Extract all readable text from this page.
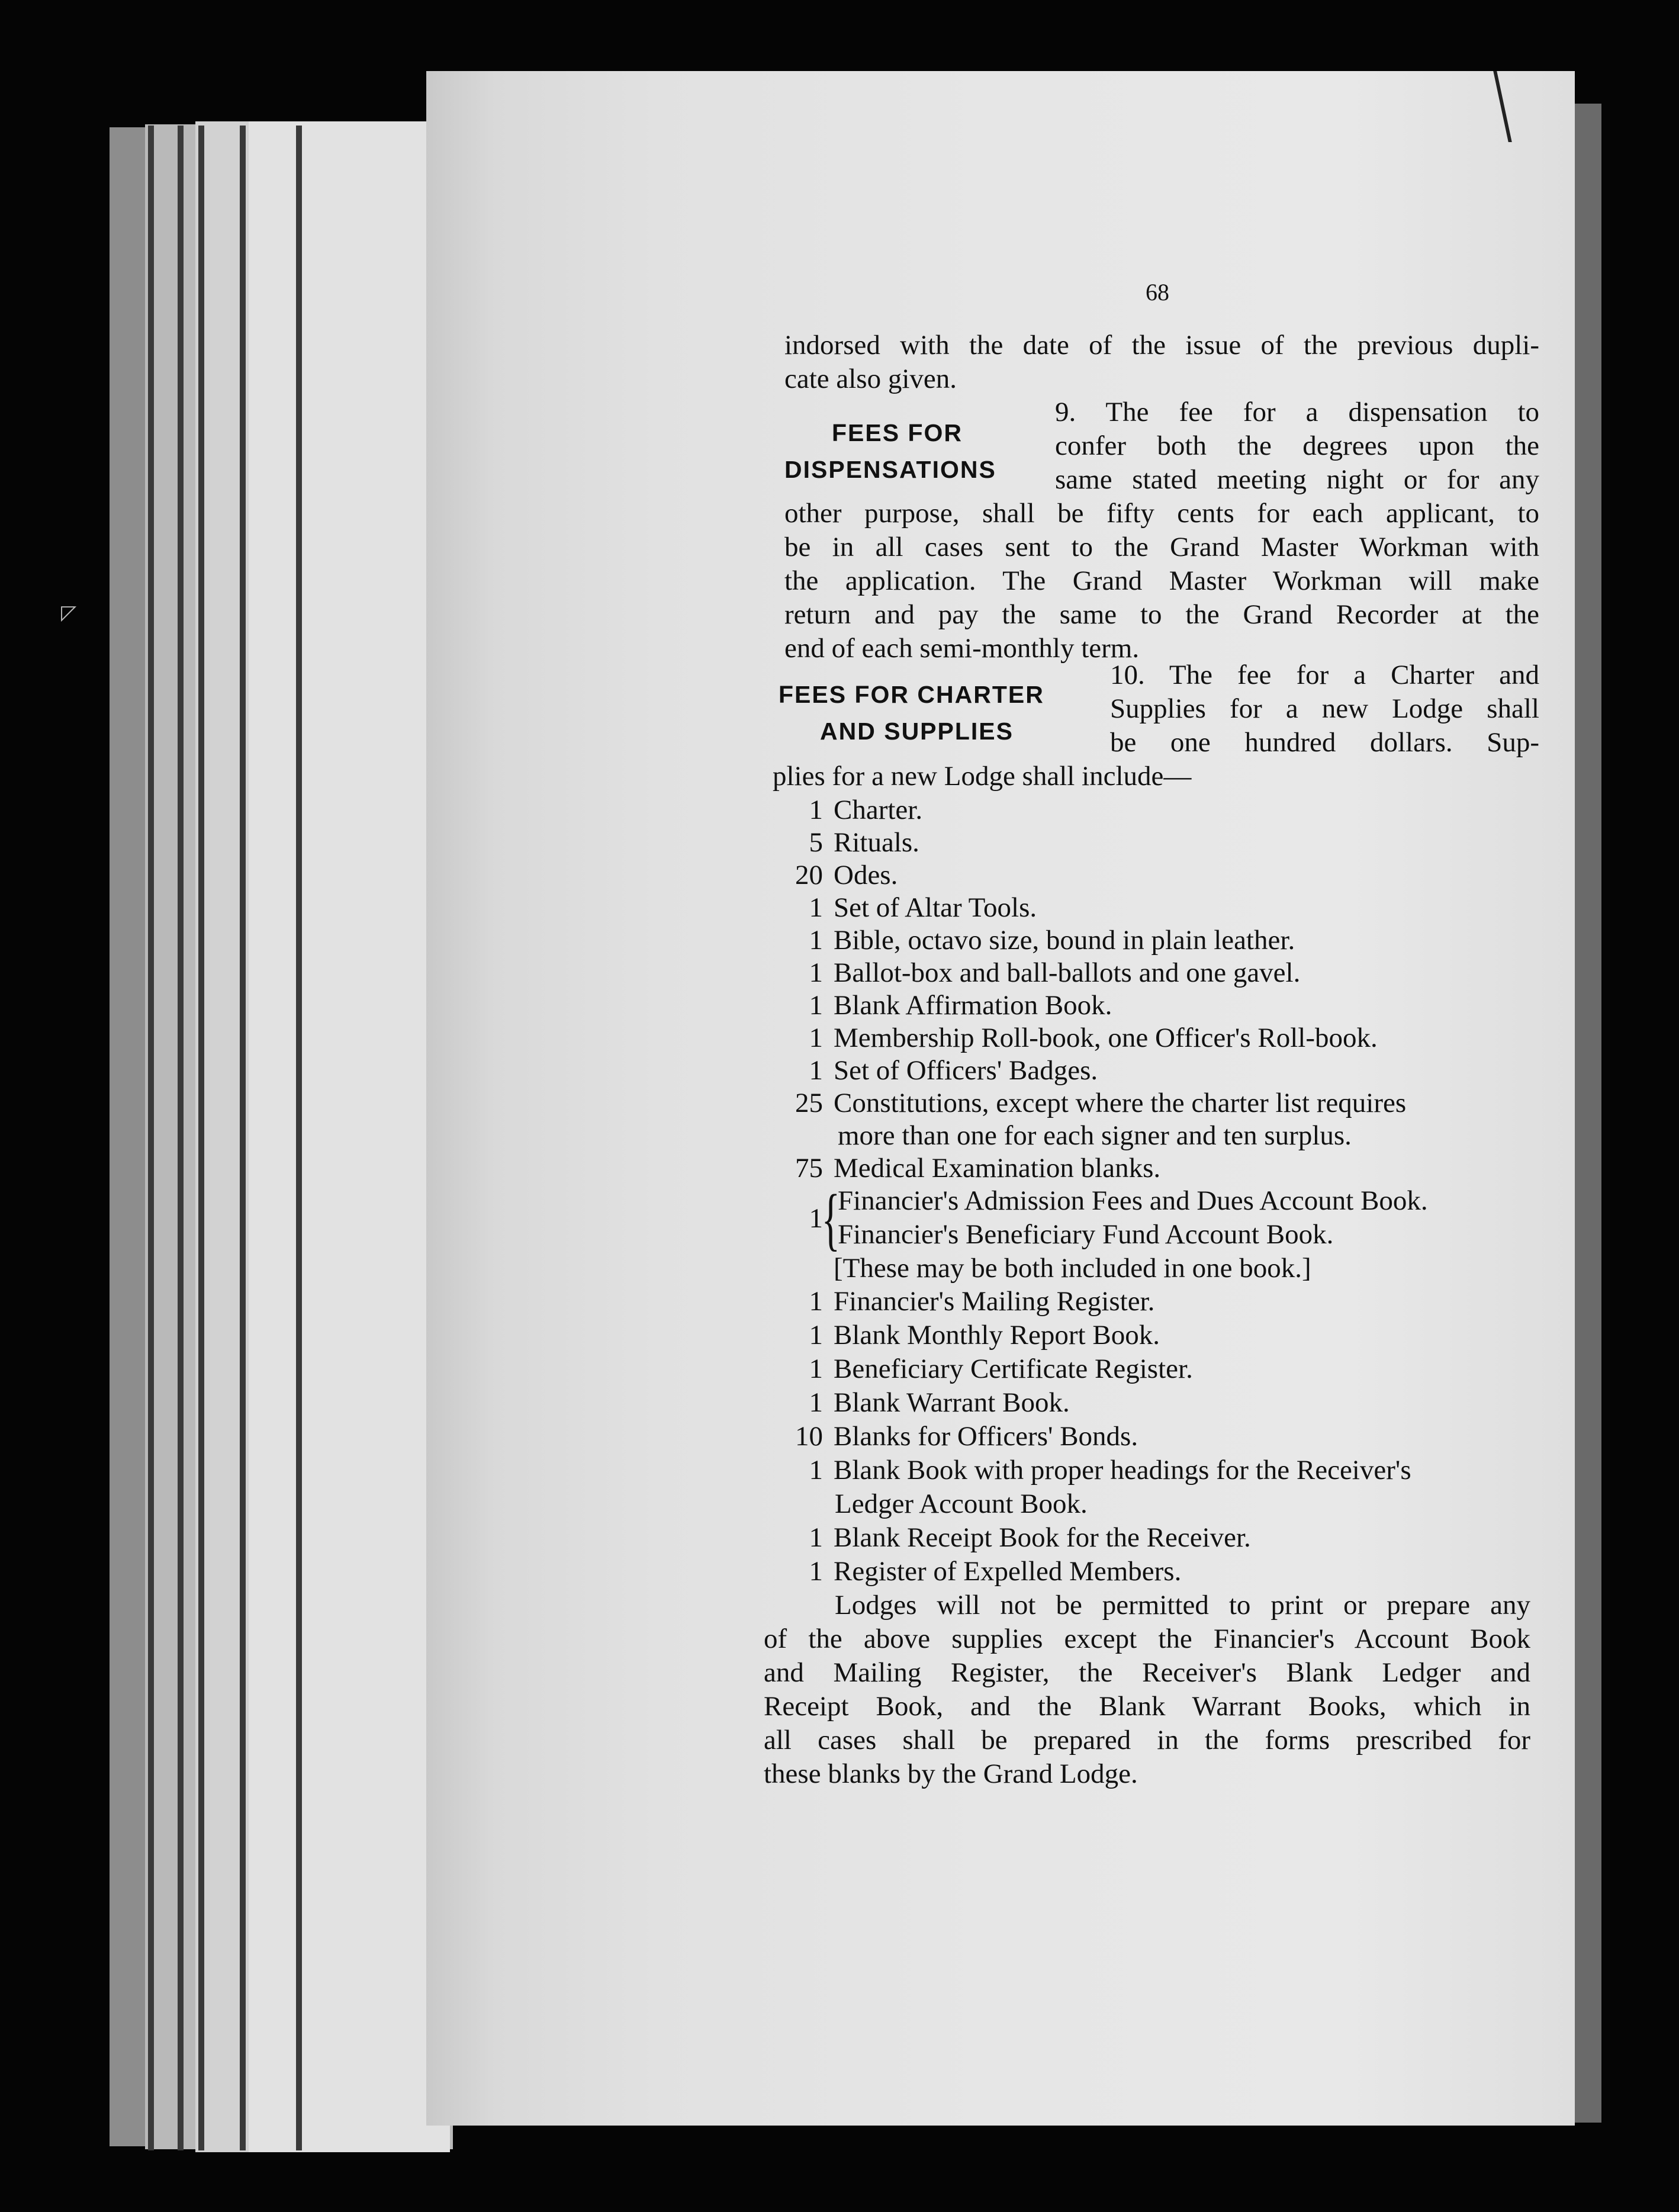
◸
68
indorsed with the date of the issue of the previous dupli-
cate also given.
FEES FOR
DISPENSATIONS
9. The fee for a dispensation to
confer both the degrees upon the
same stated meeting night or for any
other purpose, shall be fifty cents for each applicant, to
be in all cases sent to the Grand Master Workman with
the application. The Grand Master Workman will make
return and pay the same to the Grand Recorder at the
end of each semi-monthly term.
FEES FOR CHARTER
AND SUPPLIES
10. The fee for a Charter and
Supplies for a new Lodge shall
be one hundred dollars. Sup-
plies for a new Lodge shall include—
1 Charter.
5 Rituals.
20 Odes.
1 Set of Altar Tools.
1 Bible, octavo size, bound in plain leather.
1 Ballot-box and ball-ballots and one gavel.
1 Blank Affirmation Book.
1 Membership Roll-book, one Officer's Roll-book.
1 Set of Officers' Badges.
25 Constitutions, except where the charter list requires
more than one for each signer and ten surplus.
75 Medical Examination blanks.
1
{
Financier's Admission Fees and Dues Account Book.
Financier's Beneficiary Fund Account Book.
[These may be both included in one book.]
1 Financier's Mailing Register.
1 Blank Monthly Report Book.
1 Beneficiary Certificate Register.
1 Blank Warrant Book.
10 Blanks for Officers' Bonds.
1 Blank Book with proper headings for the Receiver's
Ledger Account Book.
1 Blank Receipt Book for the Receiver.
1 Register of Expelled Members.
Lodges will not be permitted to print or prepare any
of the above supplies except the Financier's Account Book
and Mailing Register, the Receiver's Blank Ledger and
Receipt Book, and the Blank Warrant Books, which in
all cases shall be prepared in the forms prescribed for
these blanks by the Grand Lodge.
